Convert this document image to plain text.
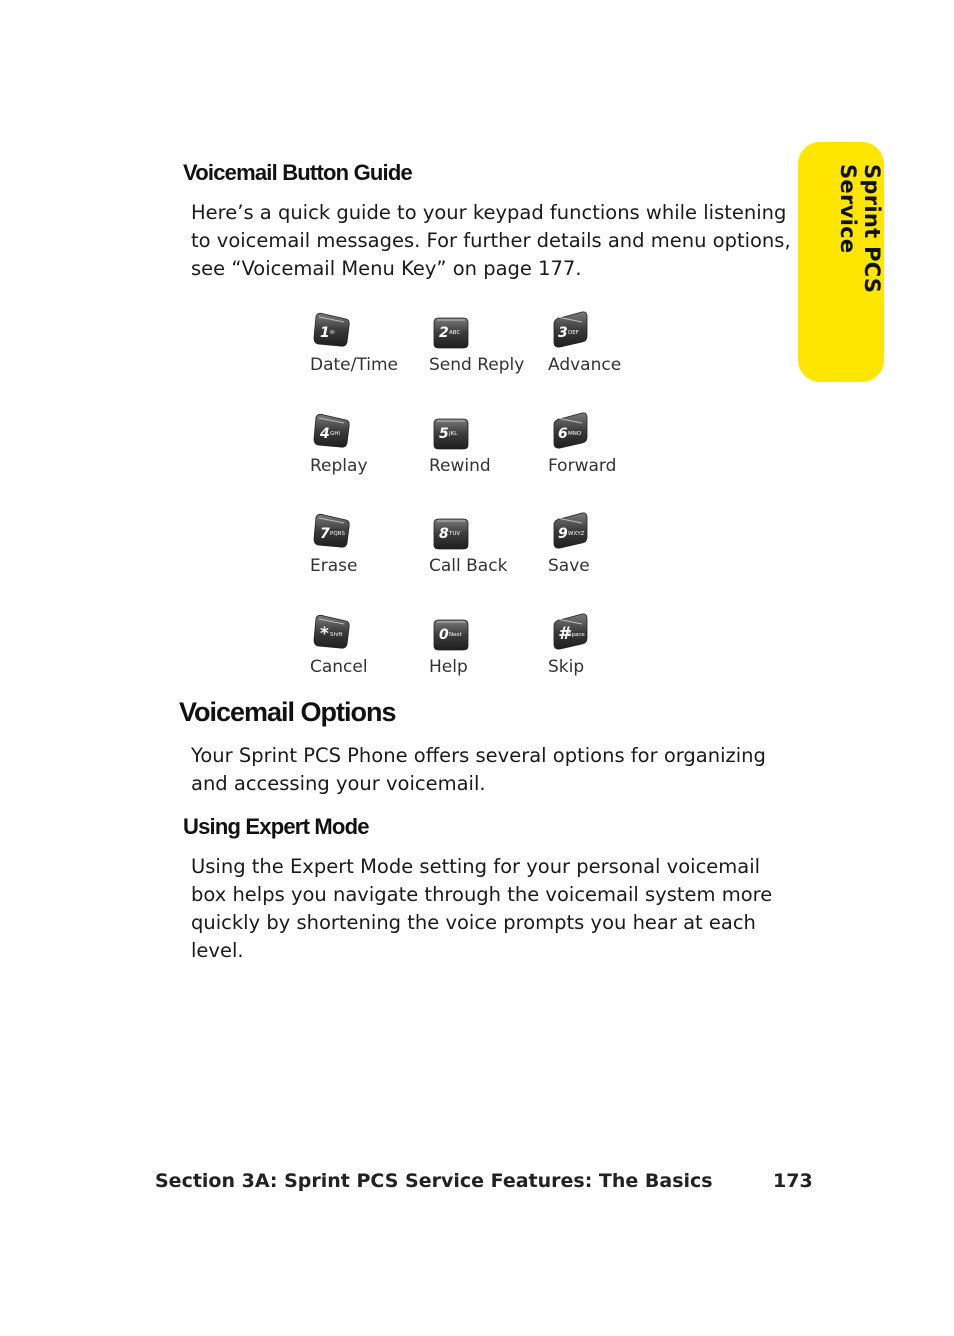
Sprint PCS Service
Voicemail Button Guide

Here’s a quick guide to your keypad functions while listening
to voicemail messages. For further details and menu options,
see “Voicemail Menu Key” on page 177.

1 ✉
Date/Time
2 ABC
Send Reply
3 DEF
Advance
4 GHI
Replay
5 JKL
Rewind
6 MNO
Forward
7 PQRS
Erase
8 TUV
Call Back
9 WXYZ
Save
* Shift
Cancel
0 Next
Help
#
Space
Skip
Voicemail Options

Your Sprint PCS Phone offers several options for organizing
and accessing your voicemail.

Using Expert Mode

Using the Expert Mode setting for your personal voicemail
box helps you navigate through the voicemail system more
quickly by shortening the voice prompts you hear at each
level.

Section 3A: Sprint PCS Service Features: The Basics	173
